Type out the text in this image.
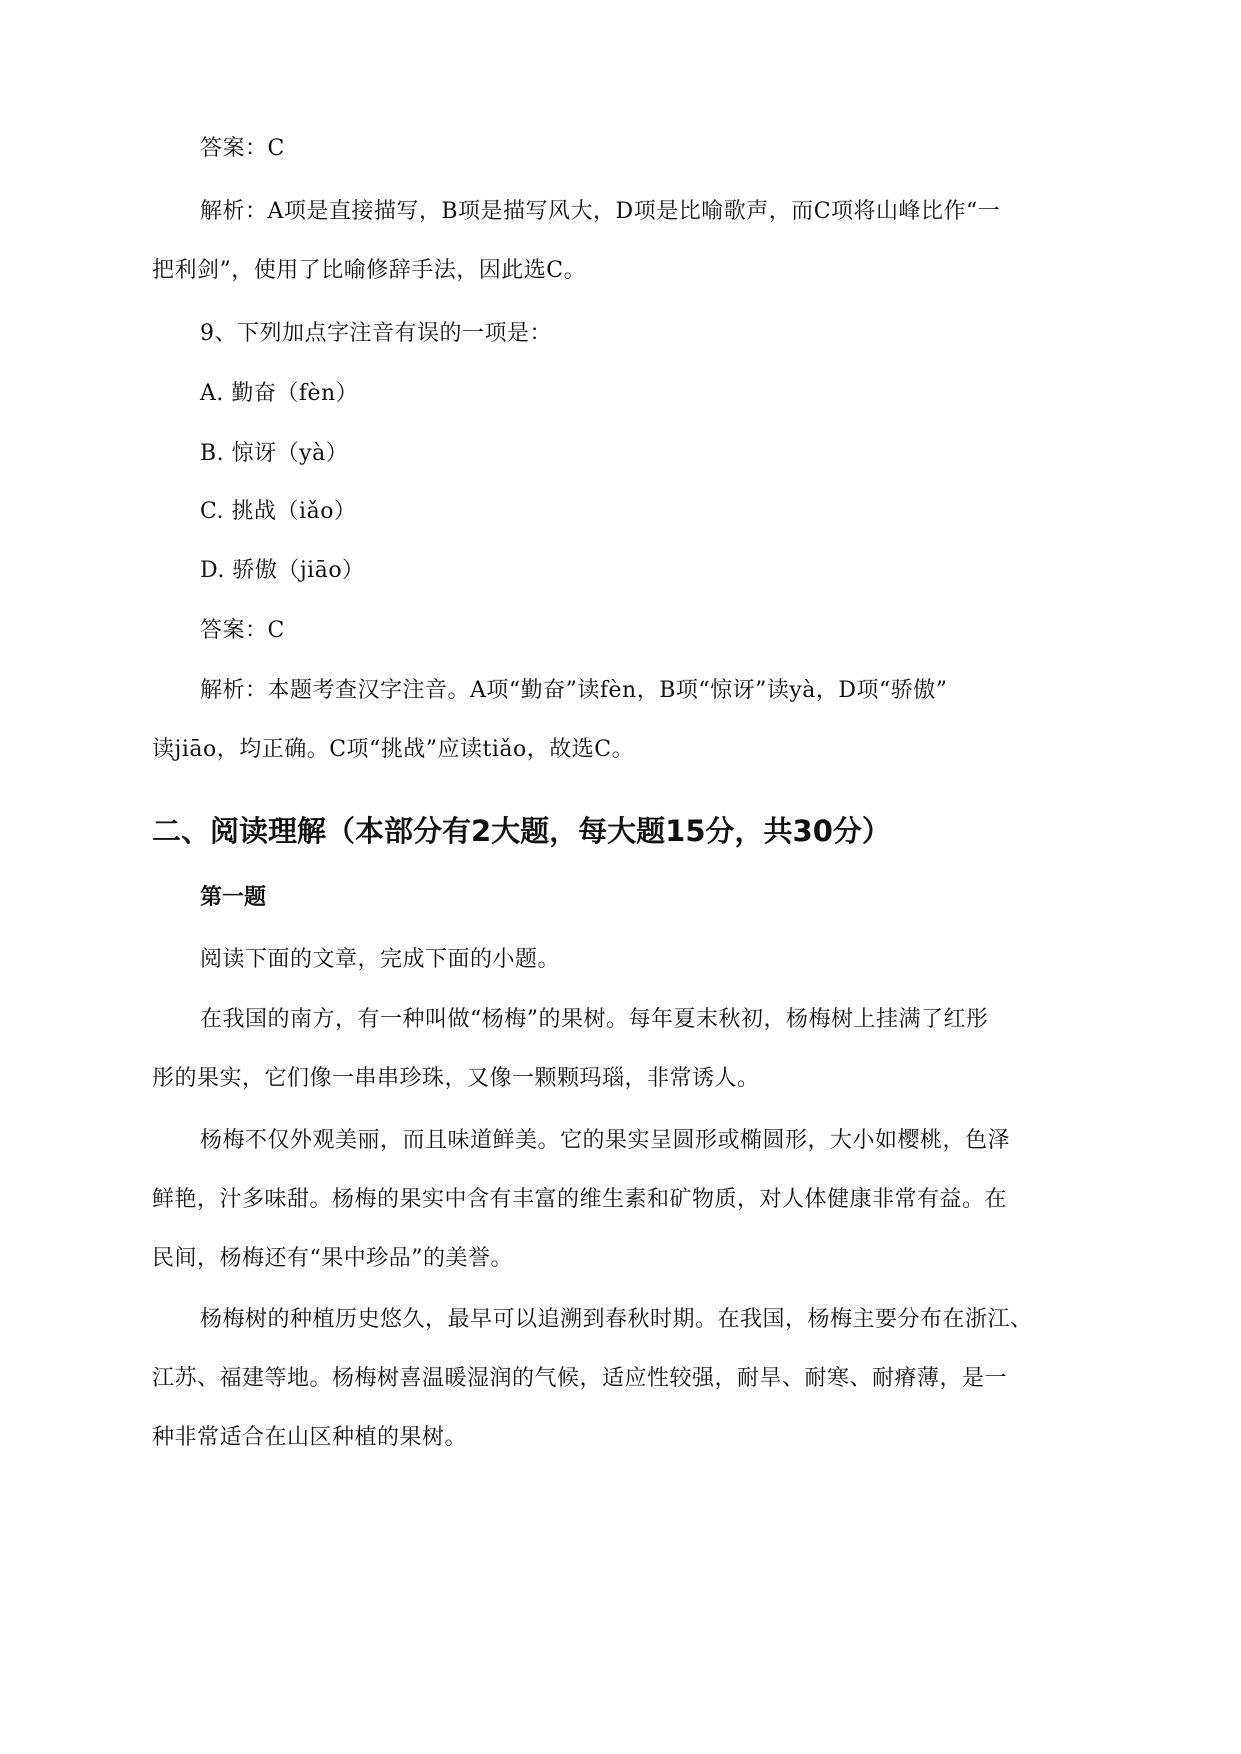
答案：C
解析：A项是直接描写，B项是描写风大，D项是比喻歌声，而C项将山峰比作“一
把利剑”，使用了比喻修辞手法，因此选C。
9、下列加点字注音有误的一项是：
A. 勤奋（fèn）
B. 惊讶（yà）
C. 挑战（iǎo）
D. 骄傲（jiāo）
答案：C
解析：本题考查汉字注音。A项“勤奋”读fèn，B项“惊讶”读yà，D项“骄傲”
读jiāo，均正确。C项“挑战”应读tiǎo，故选C。
二、阅读理解（本部分有2大题，每大题15分，共30分）
第一题
阅读下面的文章，完成下面的小题。
在我国的南方，有一种叫做“杨梅”的果树。每年夏末秋初，杨梅树上挂满了红彤
彤的果实，它们像一串串珍珠，又像一颗颗玛瑙，非常诱人。
杨梅不仅外观美丽，而且味道鲜美。它的果实呈圆形或椭圆形，大小如樱桃，色泽
鲜艳，汁多味甜。杨梅的果实中含有丰富的维生素和矿物质，对人体健康非常有益。在
民间，杨梅还有“果中珍品”的美誉。
杨梅树的种植历史悠久，最早可以追溯到春秋时期。在我国，杨梅主要分布在浙江、
江苏、福建等地。杨梅树喜温暖湿润的气候，适应性较强，耐旱、耐寒、耐瘠薄，是一
种非常适合在山区种植的果树。
